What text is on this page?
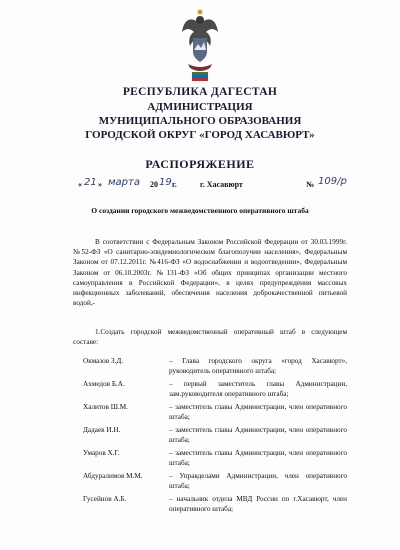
РЕСПУБЛИКА ДАГЕСТАН
АДМИНИСТРАЦИЯ
МУНИЦИПАЛЬНОГО ОБРАЗОВАНИЯ
ГОРОДСКОЙ ОКРУГ «ГОРОД ХАСАВЮРТ»
РАСПОРЯЖЕНИЕ
« 21 » марта 20 19 г.	г. Хасавюрт	№ 109/р
О создании городского межведомственного оперативного штаба
В соответствии с Федеральным Законом Российской Федерации от 30.03.1999г. №52-ФЗ «О санитарно-эпидемиологическом благополучии населения», Федеральным Законом от 07.12.2011г. №416-ФЗ «О водоснабжении и водоотведении», Федеральным Законом от 06.10.2003г. №131-ФЗ «Об общих принципах организации местного самоуправления в Российской Федерации», в целях предупреждения массовых инфекционных заболеваний, обеспечения населения доброкачественной питьевой водой,-
1.Создать городской межведомственный оперативный штаб в следующем составе:
Окмазов З.Д.	– Глава городского округа «город Хасавюрт», руководитель оперативного штаба;
Ахмедов Б.А.	– первый заместитель главы Администрации, зам.руководителя оперативного штаба;
Халитов Ш.М.	– заместитель главы Администрации, член оперативного штаба;
Дадаев И.Н.	– заместитель главы Администрации, член оперативного штаба;
Умаров Х.Г.	– заместитель главы Администрации, член оперативного штаба;
Абдуралимов М.М.	– Управделами Администрации, член оперативного штаба;
Гусейнов А.Б.	– начальник отдела МВД России по г.Хасавюрт, член оперативного штаба;
